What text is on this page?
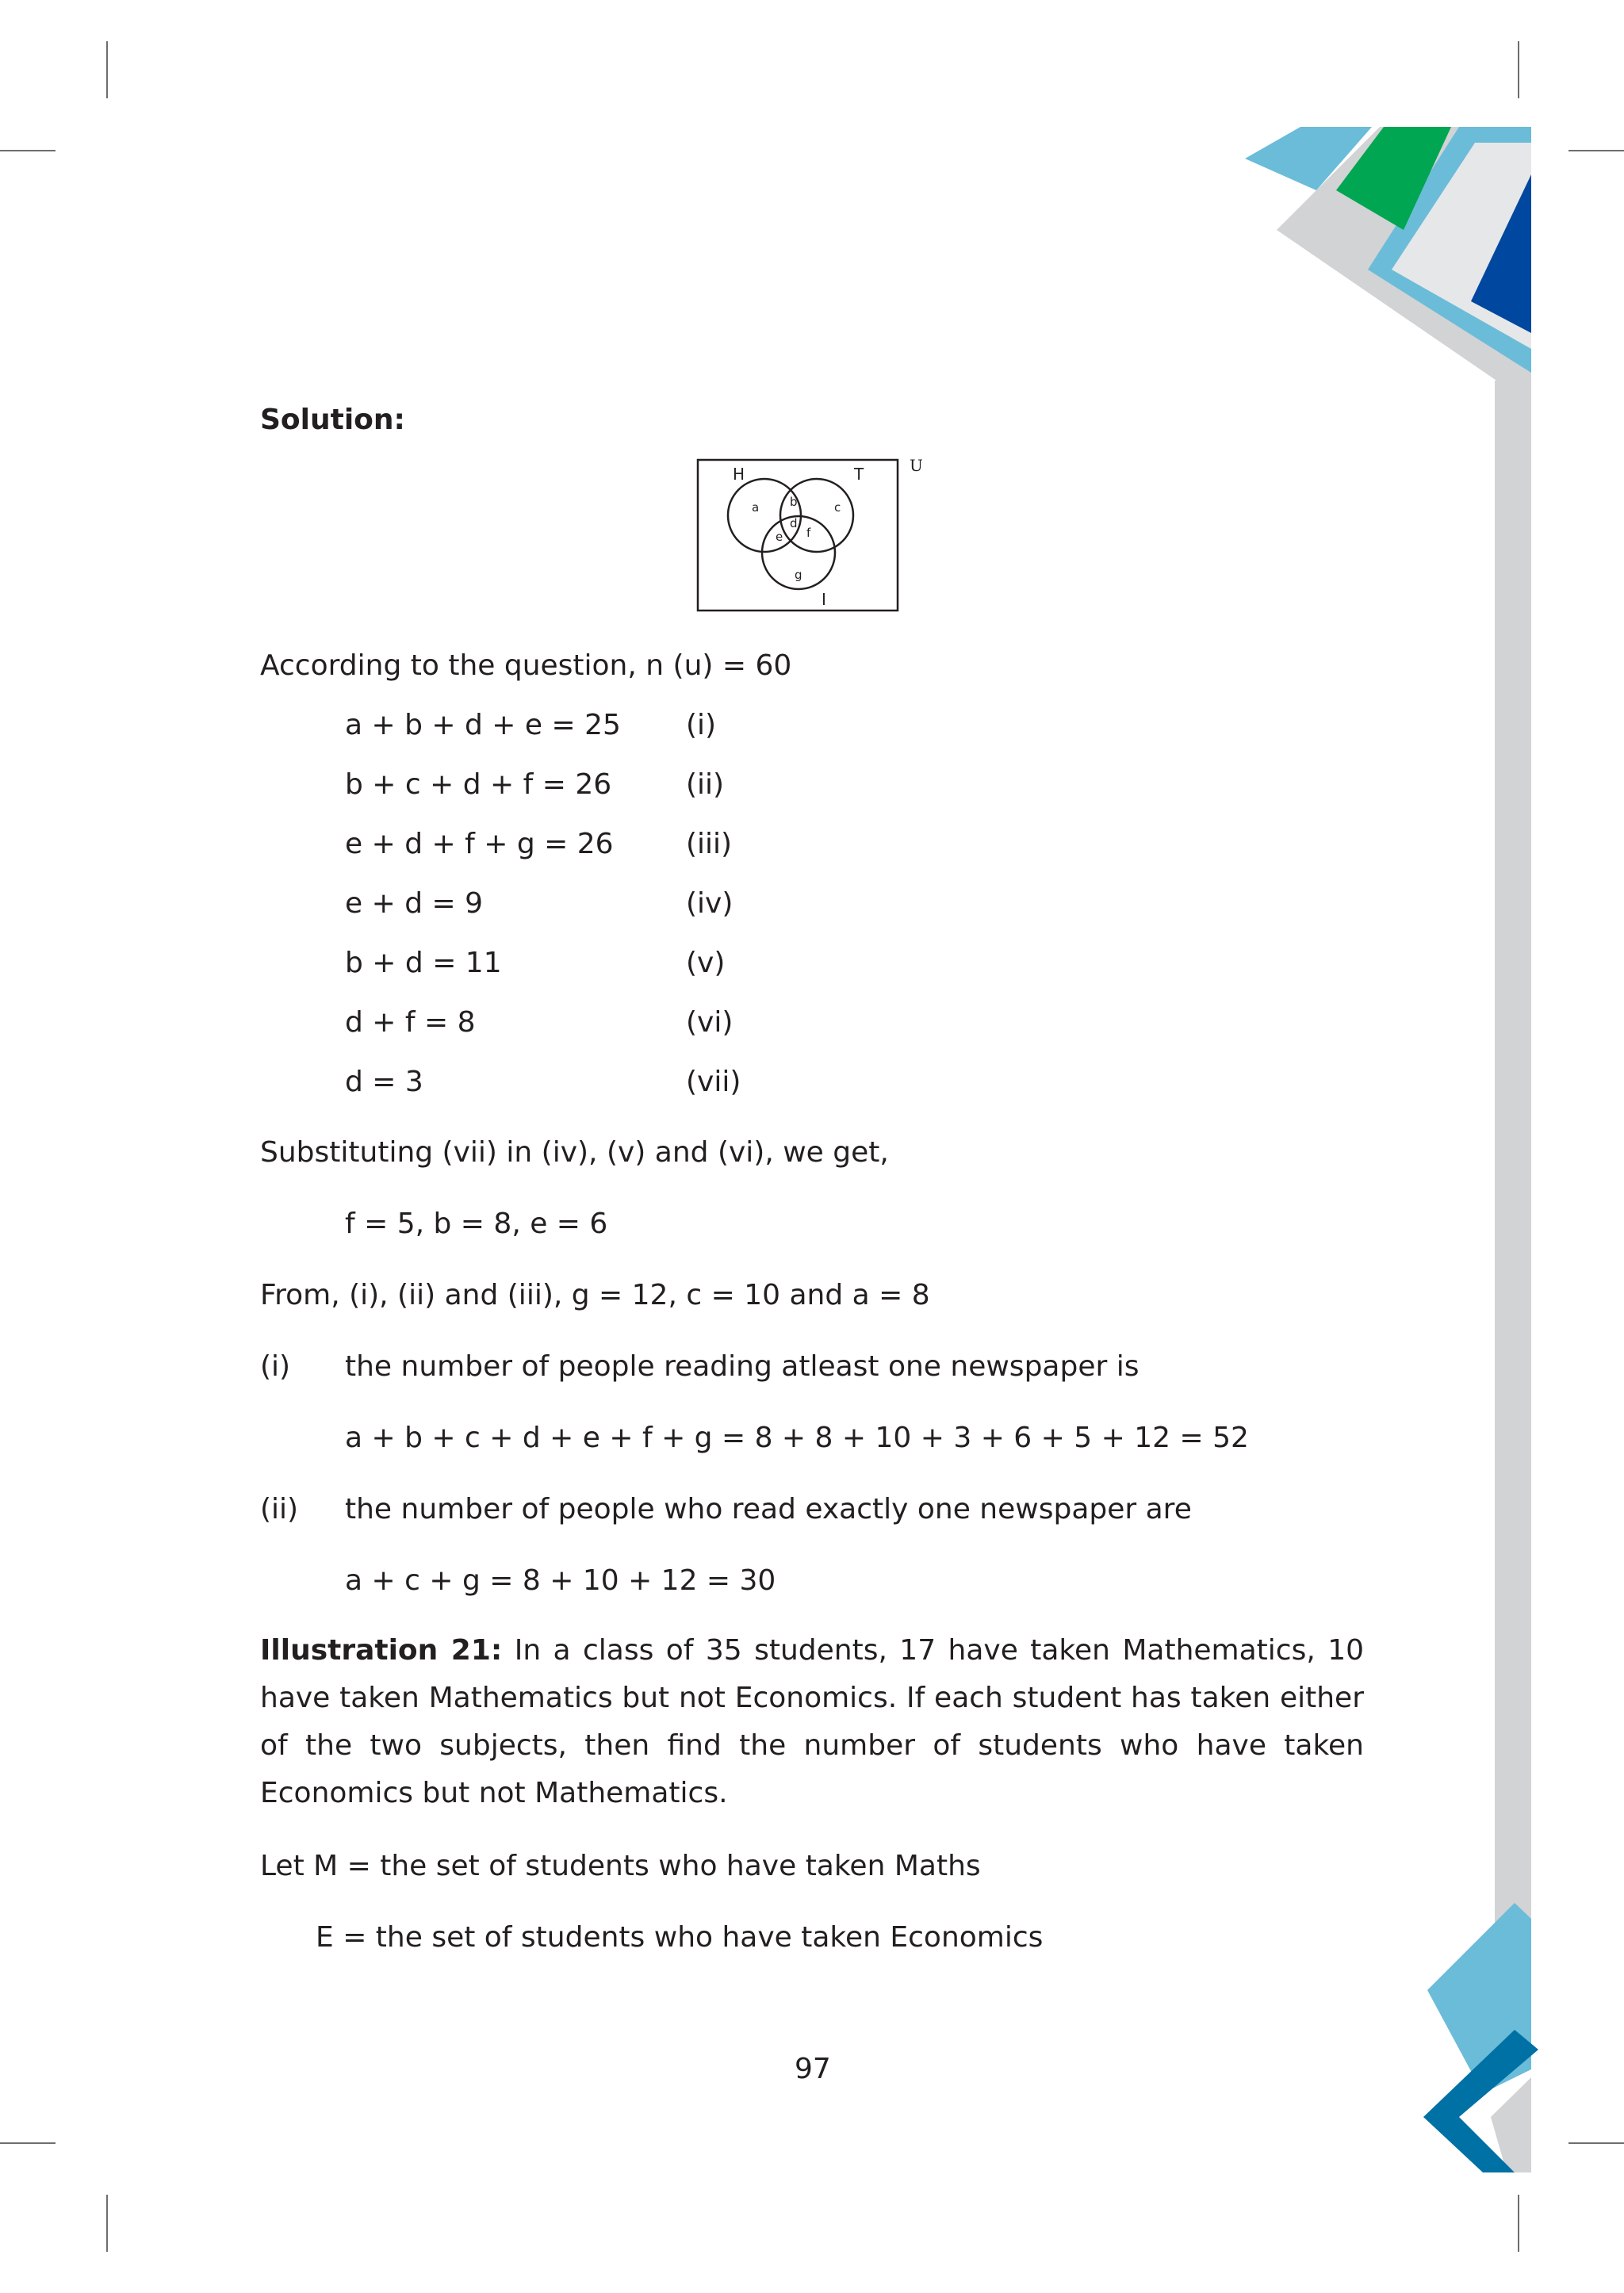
Solution:
H	T
I
U
a	b	c
d
e f
g
According to the question, n (u) = 60
a + b + d + e = 25 (i)
b + c + d + f = 26	(ii)
e + d + f + g = 26	(iii)
e + d = 9	(iv)
b + d = 11	(v)
d + f = 8	(vi)
d = 3	(vii)
Substituting (vii) in (iv), (v) and (vi), we get,
f = 5, b = 8, e = 6
From, (i), (ii) and (iii), g = 12, c = 10 and a = 8
(i) the number of people reading atleast one newspaper is
a + b + c + d + e + f + g = 8 + 8 + 10 + 3 + 6 + 5 + 12 = 52
(ii) the number of people who read exactly one newspaper are
a + c + g = 8 + 10 + 12 = 30
Illustration 21: In a class of 35 students, 17 have taken Mathematics, 10 have taken Mathematics but not Economics. If each student has taken either of the two subjects, then find the number of students who have taken Economics but not Mathematics.
Let M = the set of students who have taken Maths
E = the set of students who have taken Economics
97
